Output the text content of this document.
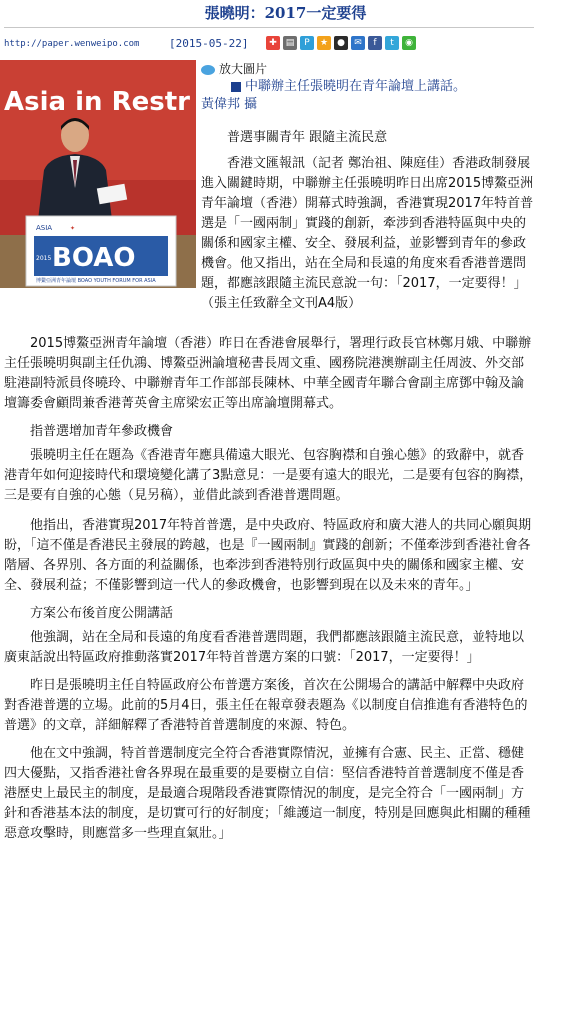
張曉明：2017一定要得
http://paper.wenweipo.com	[2015-05-22]	✚ ▤	P	★	●	✉	f	t	◉
Asia in Restr
ASIA	✦
BOAO
2015
博鰲亞洲青年論壇 BOAO YOUTH FORUM FOR ASIA
放大圖片
中聯辦主任張曉明在青年論壇上講話。
黃偉邦 攝

普選事關青年 跟隨主流民意

香港文匯報訊（記者 鄭治祖、陳庭佳）香港政制發展進入關鍵時期，中聯辦主任張曉明昨日出席2015博鰲亞洲青年論壇（香港）開幕式時強調，香港實現2017年特首普選是「一國兩制」實踐的創新，牽涉到香港特區與中央的關係和國家主權、安全、發展利益，並影響到青年的參政機會。他又指出，站在全局和長遠的角度來看香港普選問題，都應該跟隨主流民意說一句：「2017，一定要得！」（張主任致辭全文刊A4版）

2015博鰲亞洲青年論壇（香港）昨日在香港會展舉行，署理行政長官林鄭月娥、中聯辦主任張曉明與副主任仇鴻、博鰲亞洲論壇秘書長周文重、國務院港澳辦副主任周波、外交部駐港副特派員佟曉玲、中聯辦青年工作部部長陳林、中華全國青年聯合會副主席鄧中翰及論壇籌委會顧問兼香港菁英會主席梁宏正等出席論壇開幕式。

指普選增加青年參政機會

張曉明主任在題為《香港青年應具備遠大眼光、包容胸襟和自強心態》的致辭中，就香港青年如何迎接時代和環境變化講了3點意見：一是要有遠大的眼光，二是要有包容的胸襟，三是要有自強的心態（見另稿），並借此談到香港普選問題。

他指出，香港實現2017年特首普選，是中央政府、特區政府和廣大港人的共同心願與期盼，「這不僅是香港民主發展的跨越，也是『一國兩制』實踐的創新；不僅牽涉到香港社會各階層、各界別、各方面的利益關係，也牽涉到香港特別行政區與中央的關係和國家主權、安全、發展利益；不僅影響到這一代人的參政機會，也影響到現在以及未來的青年。」

方案公布後首度公開講話

他強調，站在全局和長遠的角度看香港普選問題，我們都應該跟隨主流民意，並特地以廣東話說出特區政府推動落實2017年特首普選方案的口號：「2017，一定要得！」

昨日是張曉明主任自特區政府公布普選方案後，首次在公開場合的講話中解釋中央政府對香港普選的立場。此前的5月4日，張主任在報章發表題為《以制度自信推進有香港特色的普選》的文章，詳細解釋了香港特首普選制度的來源、特色。

他在文中強調，特首普選制度完全符合香港實際情況，並擁有合憲、民主、正當、穩健四大優點，又指香港社會各界現在最重要的是要樹立自信：堅信香港特首普選制度不僅是香港歷史上最民主的制度，是最適合現階段香港實際情況的制度，是完全符合「一國兩制」方針和香港基本法的制度，是切實可行的好制度；「維護這一制度，特別是回應與此相關的種種惡意攻擊時，則應當多一些理直氣壯。」
